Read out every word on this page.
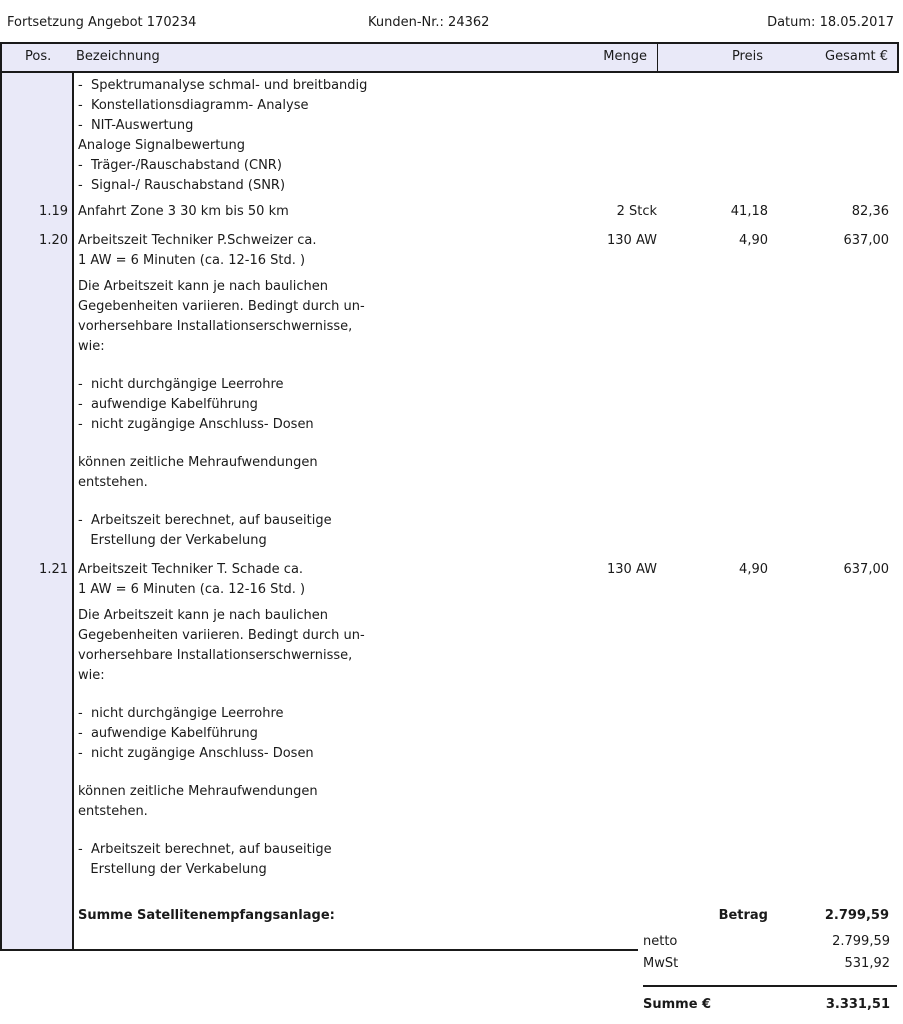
Fortsetzung Angebot 170234	Kunden-Nr.: 24362	Datum: 18.05.2017
Pos. Bezeichnung	Menge	Preis	Gesamt €
-  Spektrumanalyse schmal- und breitbandig
-  Konstellationsdiagramm- Analyse
-  NIT-Auswertung
Analoge Signalbewertung
-  Träger-/Rauschabstand (CNR)
-  Signal-/ Rauschabstand (SNR)
1.19 Anfahrt Zone 3 30 km bis 50 km	2 Stck	41,18	82,36
1.20 Arbeitszeit Techniker P.Schweizer ca.	130 AW	4,90	637,00
1 AW = 6 Minuten (ca. 12-16 Std. )
Die Arbeitszeit kann je nach baulichen
Gegebenheiten variieren. Bedingt durch un-
vorhersehbare Installationserschwernisse,
wie:
-  nicht durchgängige Leerrohre
-  aufwendige Kabelführung
-  nicht zugängige Anschluss- Dosen
können zeitliche Mehraufwendungen
entstehen.
-  Arbeitszeit berechnet, auf bauseitige
Erstellung der Verkabelung
1.21 Arbeitszeit Techniker T. Schade ca.	130 AW	4,90	637,00
1 AW = 6 Minuten (ca. 12-16 Std. )
Die Arbeitszeit kann je nach baulichen
Gegebenheiten variieren. Bedingt durch un-
vorhersehbare Installationserschwernisse,
wie:
-  nicht durchgängige Leerrohre
-  aufwendige Kabelführung
-  nicht zugängige Anschluss- Dosen
können zeitliche Mehraufwendungen
entstehen.
-  Arbeitszeit berechnet, auf bauseitige
Erstellung der Verkabelung
Summe Satellitenempfangsanlage:	Betrag	2.799,59
netto	2.799,59
MwSt	531,92
Summe €	3.331,51
